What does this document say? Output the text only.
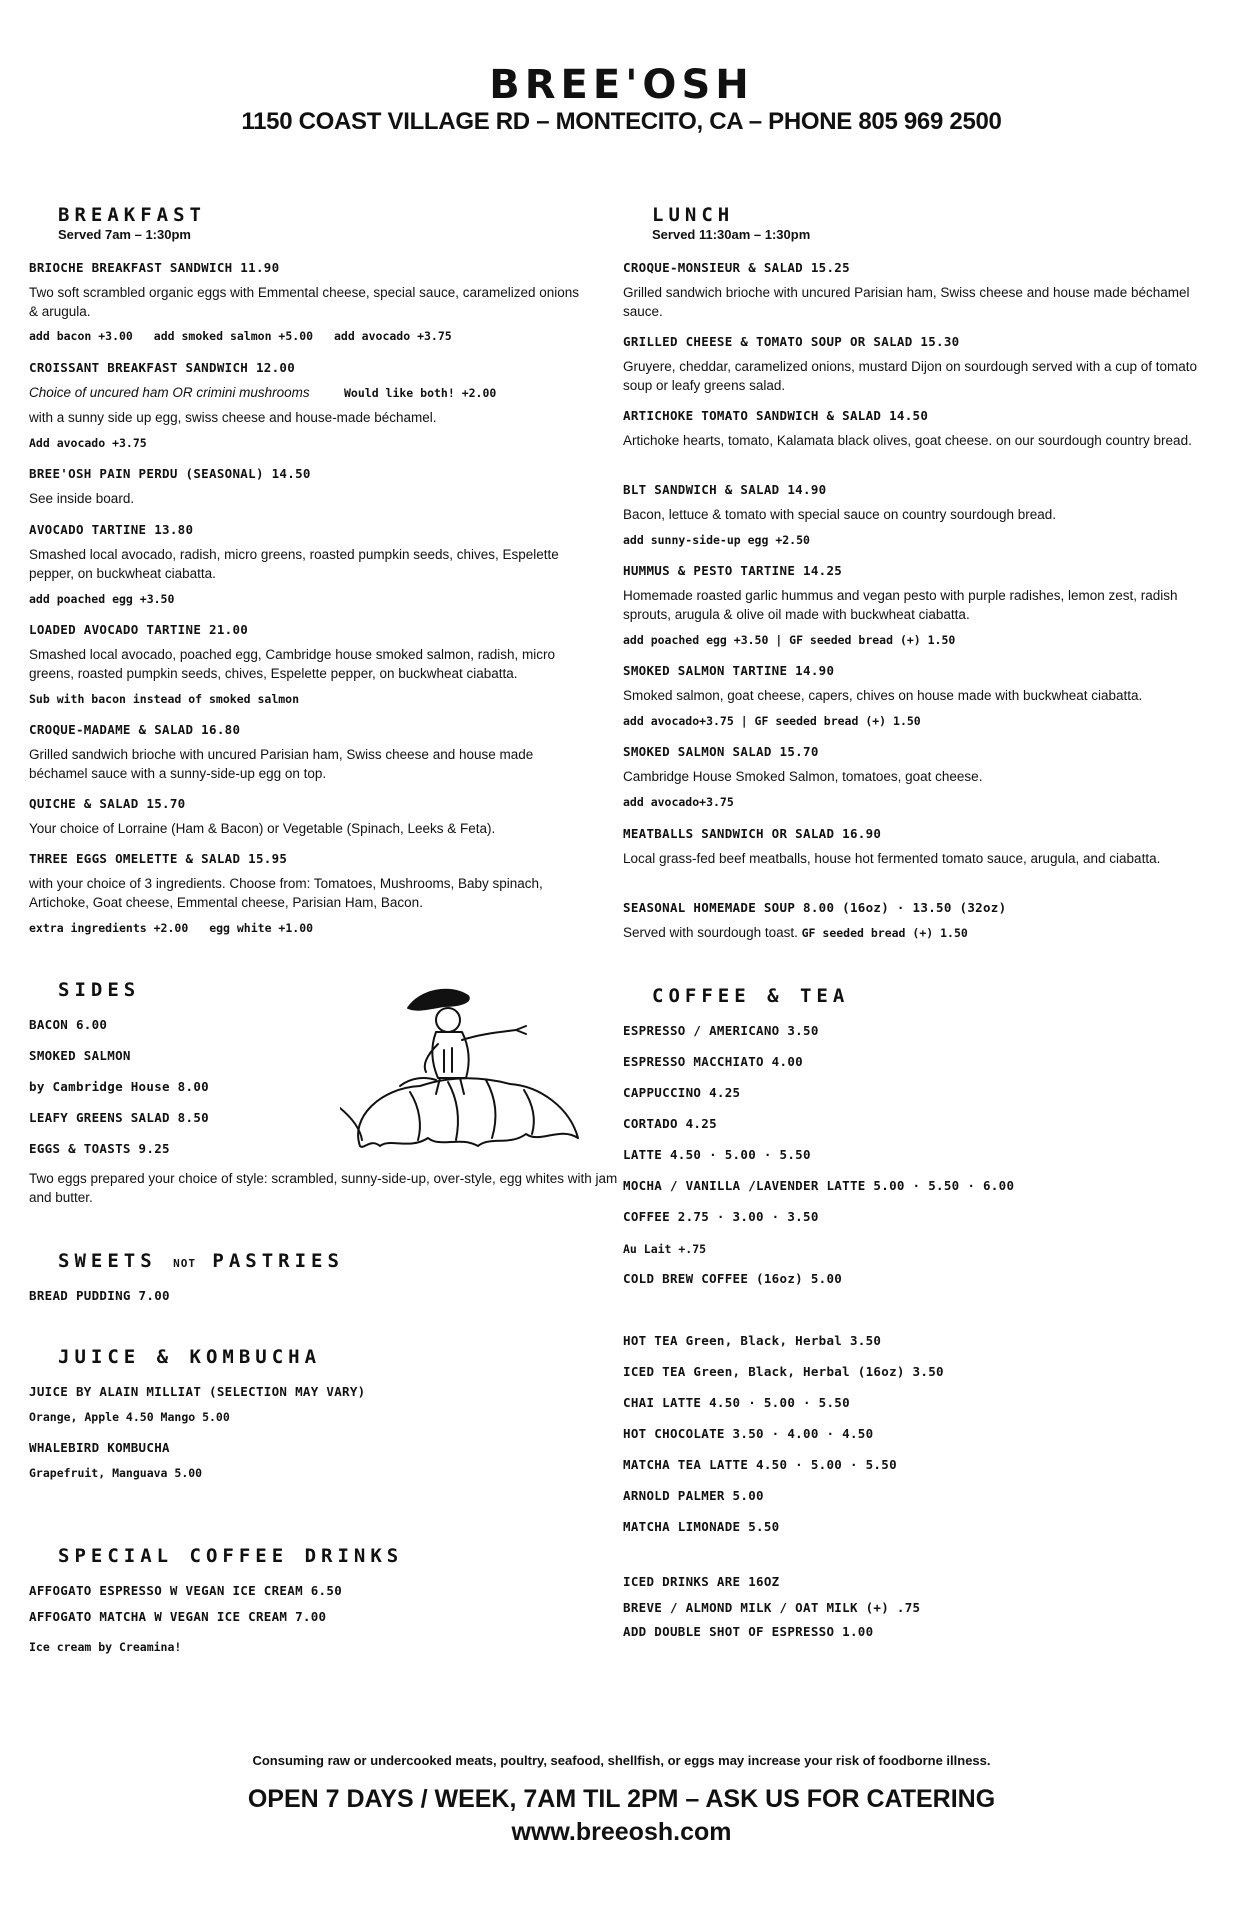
BREE'OSH
1150 COAST VILLAGE RD – MONTECITO, CA – PHONE 805 969 2500
BREAKFAST
Served 7am – 1:30pm
BRIOCHE BREAKFAST SANDWICH 11.90
Two soft scrambled organic eggs with Emmental cheese, special sauce, caramelized onions & arugula.
add bacon +3.00 add smoked salmon +5.00 add avocado +3.75
CROISSANT BREAKFAST SANDWICH 12.00
Choice of uncured ham OR crimini mushrooms	Would like both! +2.00
with a sunny side up egg, swiss cheese and house-made béchamel.
Add avocado +3.75
BREE'OSH PAIN PERDU (SEASONAL) 14.50
See inside board.
AVOCADO TARTINE 13.80
Smashed local avocado, radish, micro greens, roasted pumpkin seeds, chives, Espelette pepper, on buckwheat ciabatta.
add poached egg +3.50
LOADED AVOCADO TARTINE 21.00
Smashed local avocado, poached egg, Cambridge house smoked salmon, radish, micro greens, roasted pumpkin seeds, chives, Espelette pepper, on buckwheat ciabatta.
Sub with bacon instead of smoked salmon
CROQUE-MADAME & SALAD 16.80
Grilled sandwich brioche with uncured Parisian ham, Swiss cheese and house made béchamel sauce with a sunny-side-up egg on top.
QUICHE & SALAD 15.70
Your choice of Lorraine (Ham & Bacon) or Vegetable (Spinach, Leeks & Feta).
THREE EGGS OMELETTE & SALAD 15.95
with your choice of 3 ingredients. Choose from: Tomatoes, Mushrooms, Baby spinach, Artichoke, Goat cheese, Emmental cheese, Parisian Ham, Bacon.
extra ingredients +2.00 egg white +1.00
LUNCH
Served 11:30am – 1:30pm
CROQUE-MONSIEUR & SALAD 15.25
Grilled sandwich brioche with uncured Parisian ham, Swiss cheese and house made béchamel sauce.
GRILLED CHEESE & TOMATO SOUP OR SALAD 15.30
Gruyere, cheddar, caramelized onions, mustard Dijon on sourdough served with a cup of tomato soup or leafy greens salad.
ARTICHOKE TOMATO SANDWICH & SALAD 14.50
Artichoke hearts, tomato, Kalamata black olives, goat cheese. on our sourdough country bread.
BLT SANDWICH & SALAD 14.90
Bacon, lettuce & tomato with special sauce on country sourdough bread.
add sunny-side-up egg +2.50
HUMMUS & PESTO TARTINE 14.25
Homemade roasted garlic hummus and vegan pesto with purple radishes, lemon zest, radish sprouts, arugula & olive oil made with buckwheat ciabatta.
add poached egg +3.50 | GF seeded bread (+) 1.50
SMOKED SALMON TARTINE 14.90
Smoked salmon, goat cheese, capers, chives on house made with buckwheat ciabatta.
add avocado+3.75 | GF seeded bread (+) 1.50
SMOKED SALMON SALAD 15.70
Cambridge House Smoked Salmon, tomatoes, goat cheese.
add avocado+3.75
MEATBALLS SANDWICH OR SALAD 16.90
Local grass-fed beef meatballs, house hot fermented tomato sauce, arugula, and ciabatta.
SEASONAL HOMEMADE SOUP 8.00 (16oz) · 13.50 (32oz)
Served with sourdough toast. GF seeded bread (+) 1.50
SIDES
BACON 6.00
SMOKED SALMON
by Cambridge House 8.00
LEAFY GREENS SALAD 8.50
EGGS & TOASTS 9.25
Two eggs prepared your choice of style: scrambled, sunny-side-up, over-style, egg whites with jam and butter.
SWEETS NOT PASTRIES
BREAD PUDDING 7.00
JUICE & KOMBUCHA
JUICE BY ALAIN MILLIAT (SELECTION MAY VARY)
Orange, Apple 4.50 Mango 5.00
WHALEBIRD KOMBUCHA
Grapefruit, Manguava 5.00
SPECIAL COFFEE DRINKS
AFFOGATO ESPRESSO W VEGAN ICE CREAM 6.50
AFFOGATO MATCHA W VEGAN ICE CREAM 7.00
Ice cream by Creamina!
COFFEE & TEA
ESPRESSO / AMERICANO 3.50
ESPRESSO MACCHIATO 4.00
CAPPUCCINO 4.25
CORTADO 4.25
LATTE 4.50 · 5.00 · 5.50
MOCHA / VANILLA /LAVENDER LATTE 5.00 · 5.50 · 6.00
COFFEE 2.75 · 3.00 · 3.50
Au Lait +.75
COLD BREW COFFEE (16oz) 5.00
HOT TEA Green, Black, Herbal 3.50
ICED TEA Green, Black, Herbal (16oz) 3.50
CHAI LATTE 4.50 · 5.00 · 5.50
HOT CHOCOLATE 3.50 · 4.00 · 4.50
MATCHA TEA LATTE 4.50 · 5.00 · 5.50
ARNOLD PALMER 5.00
MATCHA LIMONADE 5.50
ICED DRINKS ARE 16OZ
BREVE / ALMOND MILK / OAT MILK (+) .75
ADD DOUBLE SHOT OF ESPRESSO 1.00
Consuming raw or undercooked meats, poultry, seafood, shellfish, or eggs may increase your risk of foodborne illness.
OPEN 7 DAYS / WEEK, 7AM TIL 2PM – ASK US FOR CATERING
www.breeosh.com
